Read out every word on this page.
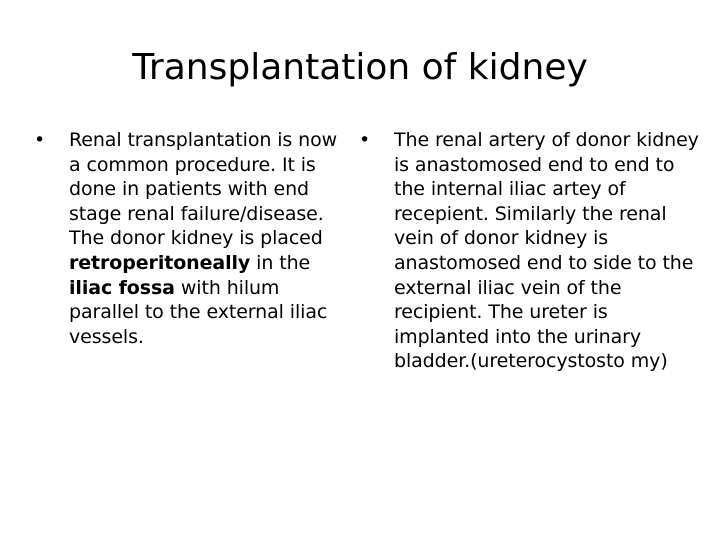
Transplantation of kidney

•	Renal transplantation is now a common procedure. It is done in patients with end stage renal failure/disease. The donor kidney is placed retroperitoneally in the iliac fossa with hilum parallel to the external iliac vessels.

•	The renal artery of donor kidney is anastomosed end to end to the internal iliac artey of recepient. Similarly the renal vein of donor kidney is anastomosed end to side to the external iliac vein of the recipient. The ureter is implanted into the urinary bladder.(ureterocystosto my)
